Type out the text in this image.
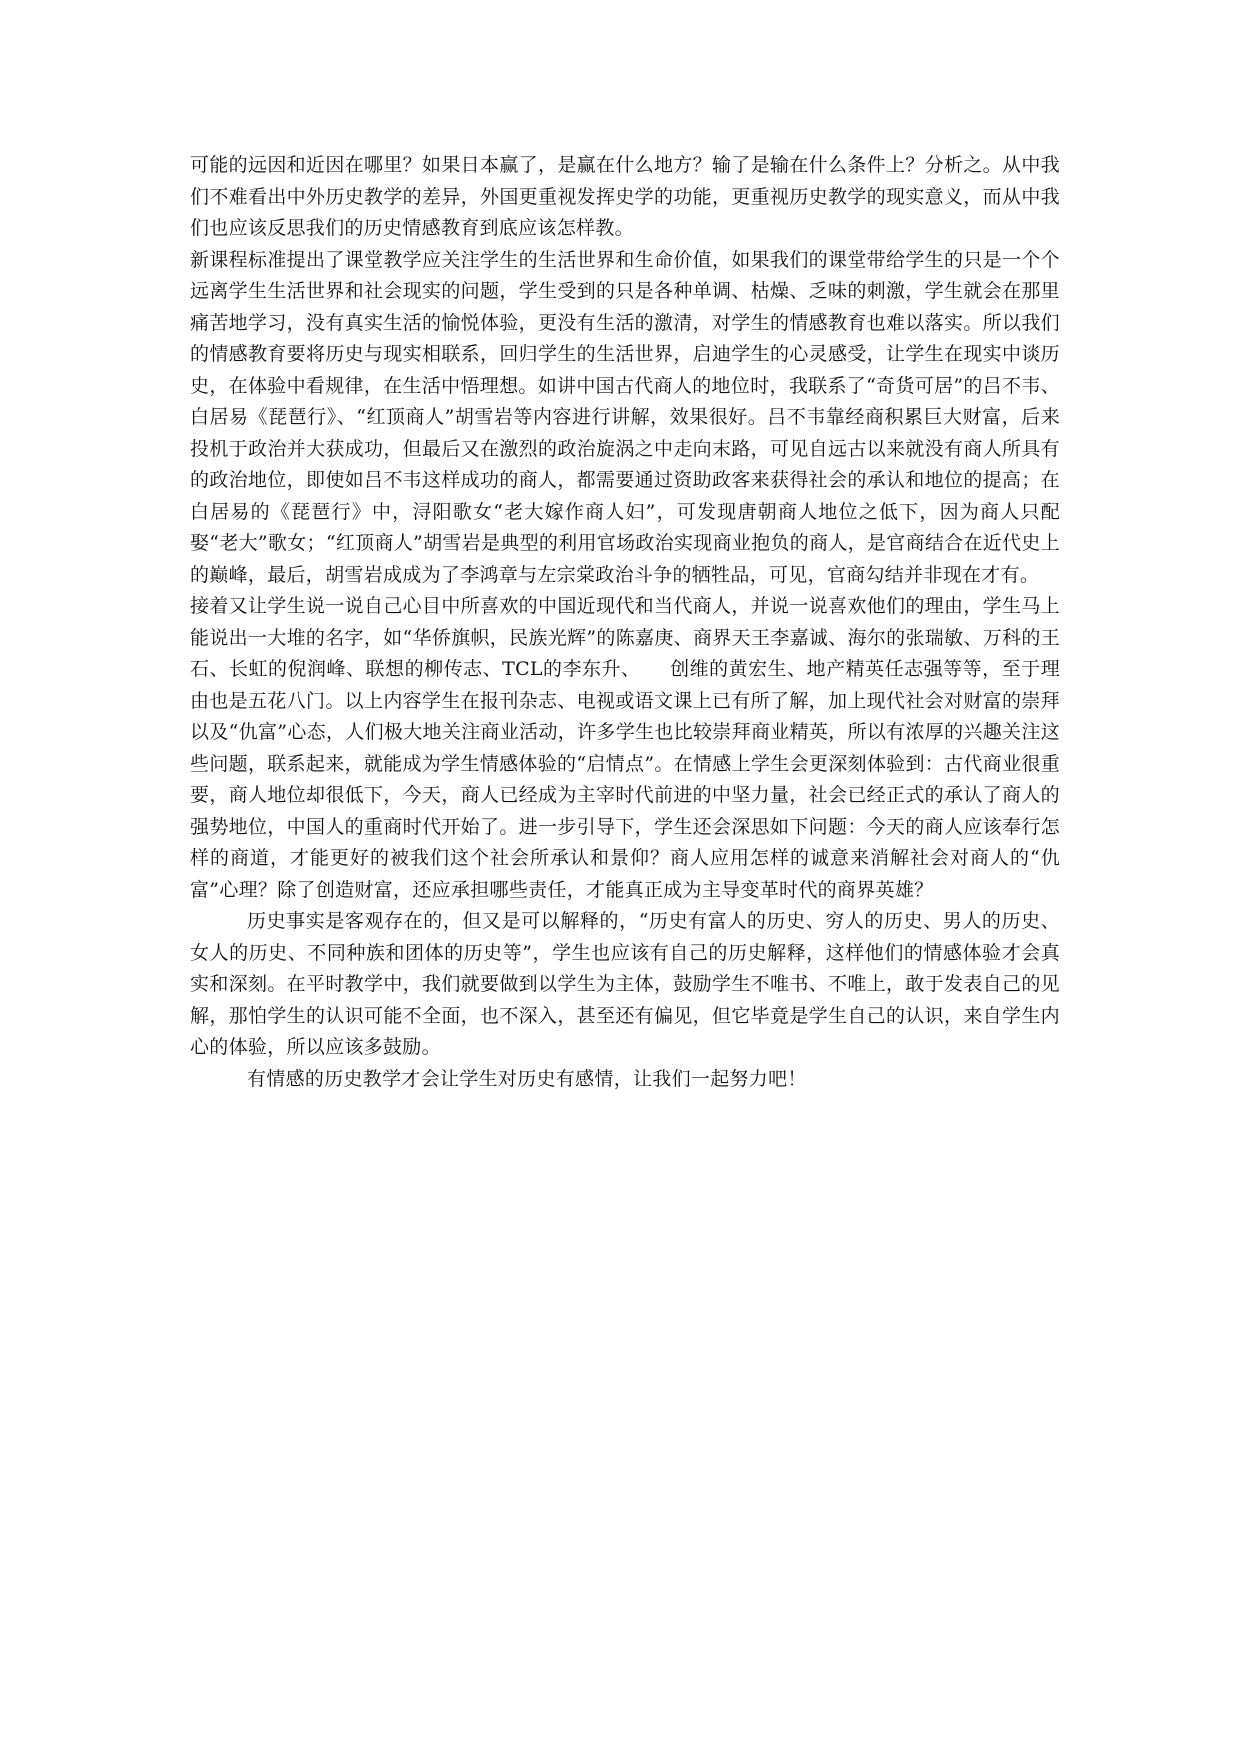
可能的远因和近因在哪里？如果日本赢了，是赢在什么地方？输了是输在什么条件上？分析之。从中我们不难看出中外历史教学的差异，外国更重视发挥史学的功能，更重视历史教学的现实意义，而从中我们也应该反思我们的历史情感教育到底应该怎样教。

新课程标准提出了课堂教学应关注学生的生活世界和生命价值，如果我们的课堂带给学生的只是一个个远离学生生活世界和社会现实的问题，学生受到的只是各种单调、枯燥、乏味的刺激，学生就会在那里痛苦地学习，没有真实生活的愉悦体验，更没有生活的激清，对学生的情感教育也难以落实。所以我们的情感教育要将历史与现实相联系，回归学生的生活世界，启迪学生的心灵感受，让学生在现实中谈历史，在体验中看规律，在生活中悟理想。如讲中国古代商人的地位时，我联系了“奇货可居”的吕不韦、白居易《琵琶行》、“红顶商人”胡雪岩等内容进行讲解，效果很好。吕不韦靠经商积累巨大财富，后来投机于政治并大获成功，但最后又在激烈的政治旋涡之中走向末路，可见自远古以来就没有商人所具有的政治地位，即使如吕不韦这样成功的商人，都需要通过资助政客来获得社会的承认和地位的提高；在白居易的《琵琶行》中，浔阳歌女“老大嫁作商人妇”，可发现唐朝商人地位之低下，因为商人只配娶“老大”歌女；“红顶商人”胡雪岩是典型的利用官场政治实现商业抱负的商人，是官商结合在近代史上的巅峰，最后，胡雪岩成成为了李鸿章与左宗棠政治斗争的牺牲品，可见，官商勾结并非现在才有。

接着又让学生说一说自己心目中所喜欢的中国近现代和当代商人，并说一说喜欢他们的理由，学生马上能说出一大堆的名字，如“华侨旗帜，民族光辉”的陈嘉庚、商界天王李嘉诚、海尔的张瑞敏、万科的王石、长虹的倪润峰、联想的柳传志、TCL的李东升、　　创维的黄宏生、地产精英任志强等等，至于理由也是五花八门。以上内容学生在报刊杂志、电视或语文课上已有所了解，加上现代社会对财富的崇拜以及“仇富”心态，人们极大地关注商业活动，许多学生也比较崇拜商业精英，所以有浓厚的兴趣关注这些问题，联系起来，就能成为学生情感体验的“启情点”。在情感上学生会更深刻体验到：古代商业很重要，商人地位却很低下，今天，商人已经成为主宰时代前进的中坚力量，社会已经正式的承认了商人的强势地位，中国人的重商时代开始了。进一步引导下，学生还会深思如下问题：今天的商人应该奉行怎样的商道，才能更好的被我们这个社会所承认和景仰？商人应用怎样的诚意来消解社会对商人的“仇富”心理？除了创造财富，还应承担哪些责任，才能真正成为主导变革时代的商界英雄？

历史事实是客观存在的，但又是可以解释的，“历史有富人的历史、穷人的历史、男人的历史、女人的历史、不同种族和团体的历史等”，学生也应该有自己的历史解释，这样他们的情感体验才会真实和深刻。在平时教学中，我们就要做到以学生为主体，鼓励学生不唯书、不唯上，敢于发表自己的见解，那怕学生的认识可能不全面，也不深入，甚至还有偏见，但它毕竟是学生自己的认识，来自学生内心的体验，所以应该多鼓励。

有情感的历史教学才会让学生对历史有感情，让我们一起努力吧！
